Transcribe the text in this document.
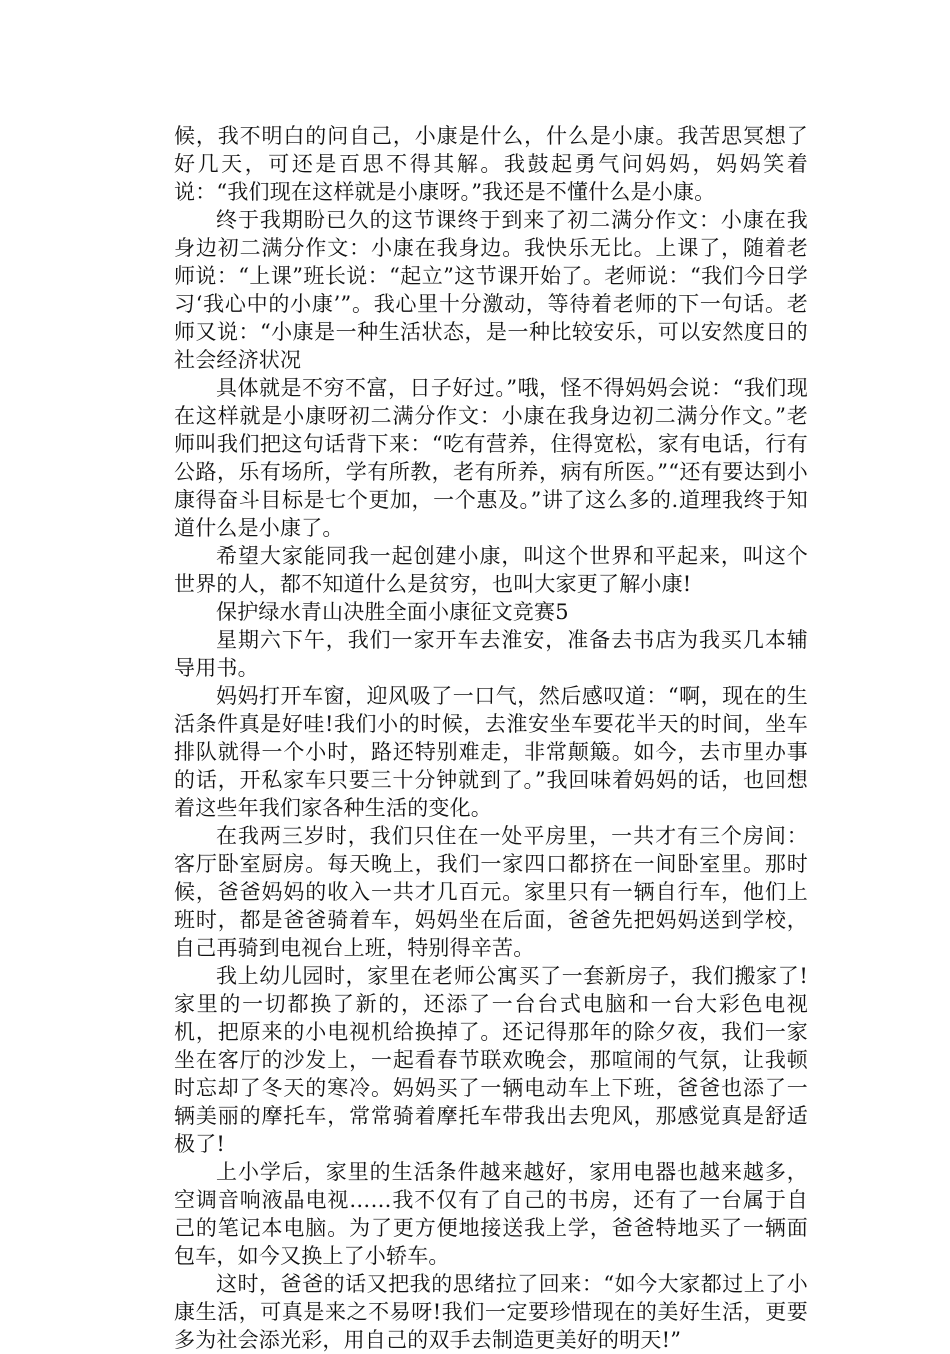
候，我不明白的问自己，小康是什么，什么是小康。我苦思冥想了好几天，可还是百思不得其解。我鼓起勇气问妈妈，妈妈笑着说：“我们现在这样就是小康呀。”我还是不懂什么是小康。

终于我期盼已久的这节课终于到来了初二满分作文：小康在我身边初二满分作文：小康在我身边。我快乐无比。上课了，随着老师说：“上课”班长说：“起立”这节课开始了。老师说：“我们今日学习‘我心中的小康’”。我心里十分激动，等待着老师的下一句话。老师又说：“小康是一种生活状态，是一种比较安乐，可以安然度日的社会经济状况

具体就是不穷不富，日子好过。”哦，怪不得妈妈会说：“我们现在这样就是小康呀初二满分作文：小康在我身边初二满分作文。”老师叫我们把这句话背下来：“吃有营养，住得宽松，家有电话，行有公路，乐有场所，学有所教，老有所养，病有所医。”“还有要达到小康得奋斗目标是七个更加，一个惠及。”讲了这么多的.道理我终于知道什么是小康了。

希望大家能同我一起创建小康，叫这个世界和平起来，叫这个世界的人，都不知道什么是贫穷，也叫大家更了解小康!

保护绿水青山决胜全面小康征文竞赛5

星期六下午，我们一家开车去淮安，准备去书店为我买几本辅导用书。

妈妈打开车窗，迎风吸了一口气，然后感叹道：“啊，现在的生活条件真是好哇!我们小的时候，去淮安坐车要花半天的时间，坐车排队就得一个小时，路还特别难走，非常颠簸。如今，去市里办事的话，开私家车只要三十分钟就到了。”我回味着妈妈的话，也回想着这些年我们家各种生活的变化。

在我两三岁时，我们只住在一处平房里，一共才有三个房间：客厅卧室厨房。每天晚上，我们一家四口都挤在一间卧室里。那时候，爸爸妈妈的收入一共才几百元。家里只有一辆自行车，他们上班时，都是爸爸骑着车，妈妈坐在后面，爸爸先把妈妈送到学校，自己再骑到电视台上班，特别得辛苦。

我上幼儿园时，家里在老师公寓买了一套新房子，我们搬家了!家里的一切都换了新的，还添了一台台式电脑和一台大彩色电视机，把原来的小电视机给换掉了。还记得那年的除夕夜，我们一家坐在客厅的沙发上，一起看春节联欢晚会，那喧闹的气氛，让我顿时忘却了冬天的寒冷。妈妈买了一辆电动车上下班，爸爸也添了一辆美丽的摩托车，常常骑着摩托车带我出去兜风，那感觉真是舒适极了!

上小学后，家里的生活条件越来越好，家用电器也越来越多，空调音响液晶电视……我不仅有了自己的书房，还有了一台属于自己的笔记本电脑。为了更方便地接送我上学，爸爸特地买了一辆面包车，如今又换上了小轿车。

这时，爸爸的话又把我的思绪拉了回来：“如今大家都过上了小康生活，可真是来之不易呀!我们一定要珍惜现在的美好生活，更要多为社会添光彩，用自己的双手去制造更美好的明天!”
